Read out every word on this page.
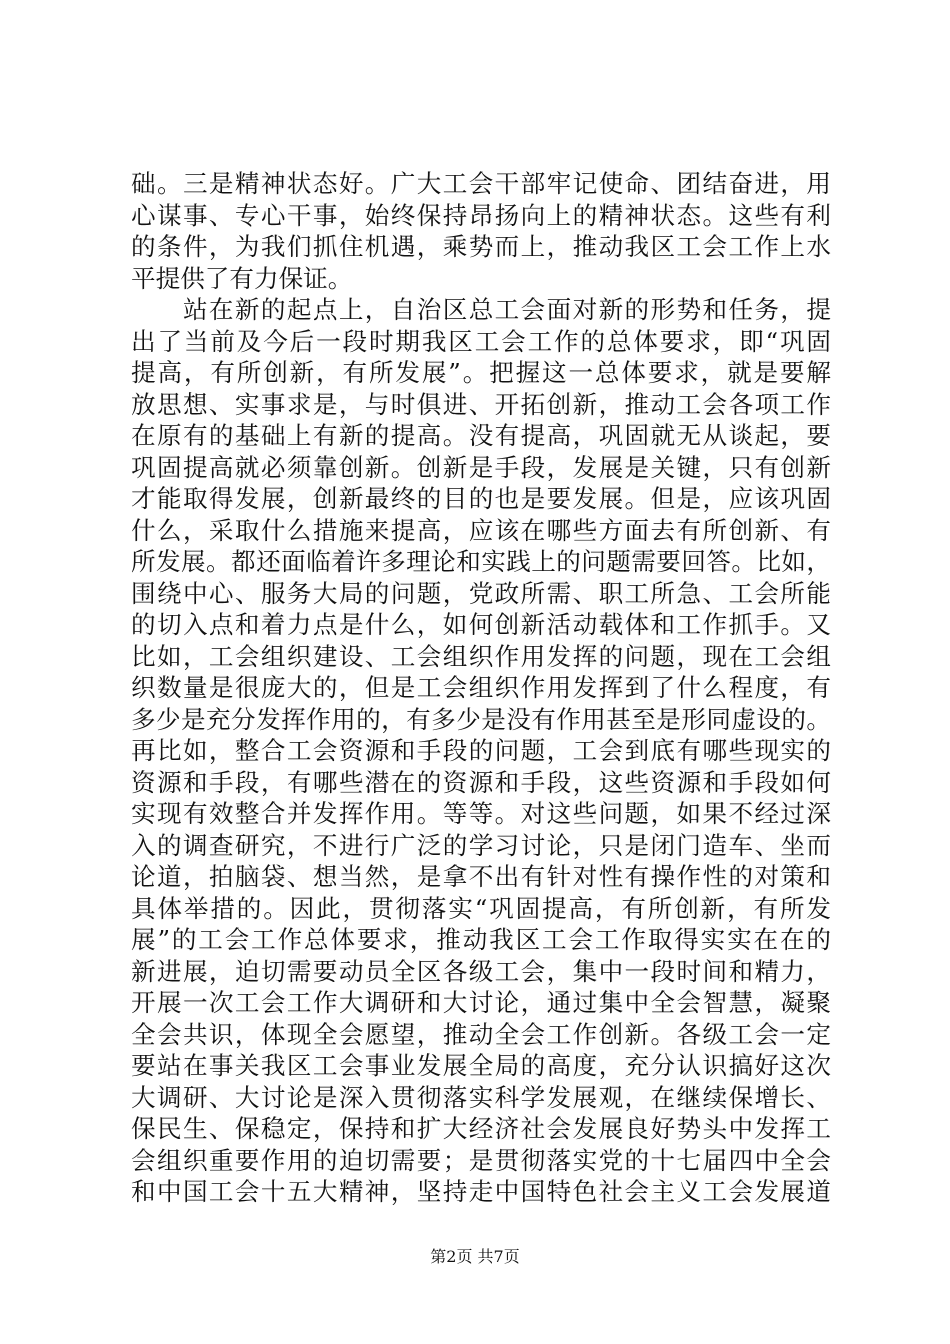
础。三是精神状态好。广大工会干部牢记使命、团结奋进，用
心谋事、专心干事，始终保持昂扬向上的精神状态。这些有利
的条件，为我们抓住机遇，乘势而上，推动我区工会工作上水
平提供了有力保证。
　　站在新的起点上，自治区总工会面对新的形势和任务，提
出了当前及今后一段时期我区工会工作的总体要求，即“巩固
提高，有所创新，有所发展”。把握这一总体要求，就是要解
放思想、实事求是，与时俱进、开拓创新，推动工会各项工作
在原有的基础上有新的提高。没有提高，巩固就无从谈起，要
巩固提高就必须靠创新。创新是手段，发展是关键，只有创新
才能取得发展，创新最终的目的也是要发展。但是，应该巩固
什么，采取什么措施来提高，应该在哪些方面去有所创新、有
所发展。都还面临着许多理论和实践上的问题需要回答。比如，
围绕中心、服务大局的问题，党政所需、职工所急、工会所能
的切入点和着力点是什么，如何创新活动载体和工作抓手。又
比如，工会组织建设、工会组织作用发挥的问题，现在工会组
织数量是很庞大的，但是工会组织作用发挥到了什么程度，有
多少是充分发挥作用的，有多少是没有作用甚至是形同虚设的。
再比如，整合工会资源和手段的问题，工会到底有哪些现实的
资源和手段，有哪些潜在的资源和手段，这些资源和手段如何
实现有效整合并发挥作用。等等。对这些问题，如果不经过深
入的调查研究，不进行广泛的学习讨论，只是闭门造车、坐而
论道，拍脑袋、想当然，是拿不出有针对性有操作性的对策和
具体举措的。因此，贯彻落实“巩固提高，有所创新，有所发
展”的工会工作总体要求，推动我区工会工作取得实实在在的
新进展，迫切需要动员全区各级工会，集中一段时间和精力，
开展一次工会工作大调研和大讨论，通过集中全会智慧，凝聚
全会共识，体现全会愿望，推动全会工作创新。各级工会一定
要站在事关我区工会事业发展全局的高度，充分认识搞好这次
大调研、大讨论是深入贯彻落实科学发展观，在继续保增长、
保民生、保稳定，保持和扩大经济社会发展良好势头中发挥工
会组织重要作用的迫切需要；是贯彻落实党的十七届四中全会
和中国工会十五大精神，坚持走中国特色社会主义工会发展道
第2页 共7页
